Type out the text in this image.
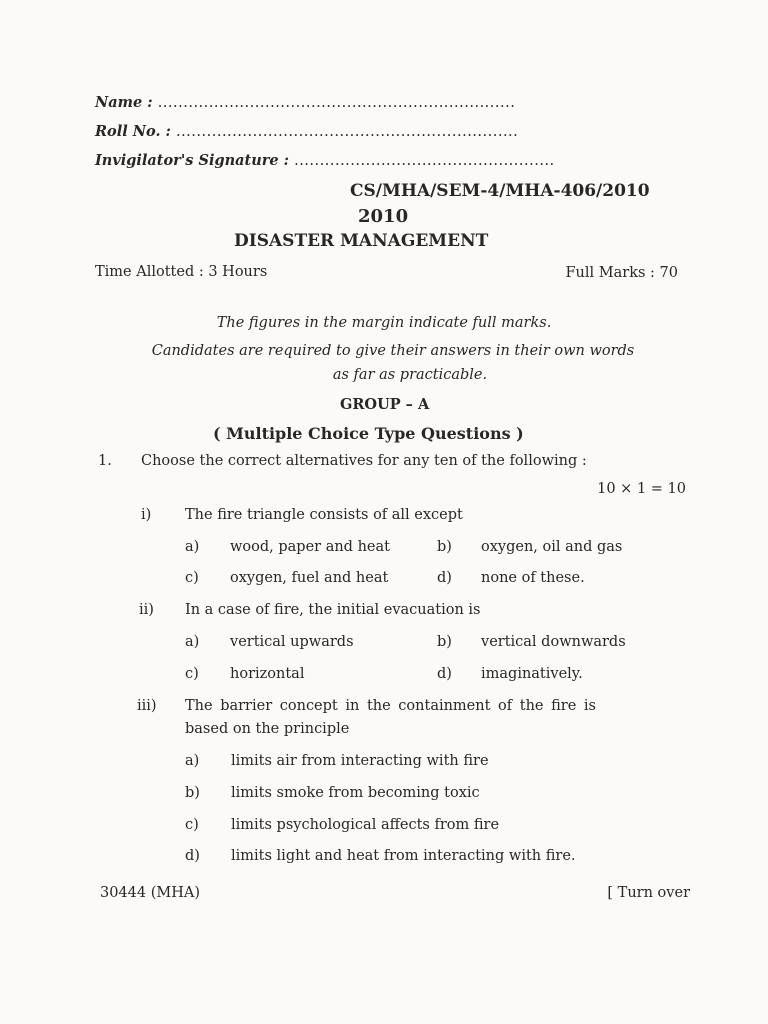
Name : ......................................................................
Roll No. : ...................................................................
Invigilator's Signature : ...................................................
CS/MHA/SEM-4/MHA-406/2010
2010
DISASTER MANAGEMENT
Time Allotted : 3 Hours	Full Marks : 70
The figures in the margin indicate full marks.
Candidates are required to give their answers in their own words
as far as practicable.
GROUP – A
( Multiple Choice Type Questions )
1. Choose the correct alternatives for any ten of the following :
10 × 1 = 10
i) The fire triangle consists of all except
a) wood, paper and heat	b) oxygen, oil and gas
c) oxygen, fuel and heat	d) none of these.
ii) In a case of fire, the initial evacuation is
a) vertical upwards	b) vertical downwards
c) horizontal	d) imaginatively.
iii) The barrier concept in the containment of the fire is
based on the principle
a) limits air from interacting with fire
b) limits smoke from becoming toxic
c) limits psychological affects from fire
d) limits light and heat from interacting with fire.
30444 (MHA)	[ Turn over
